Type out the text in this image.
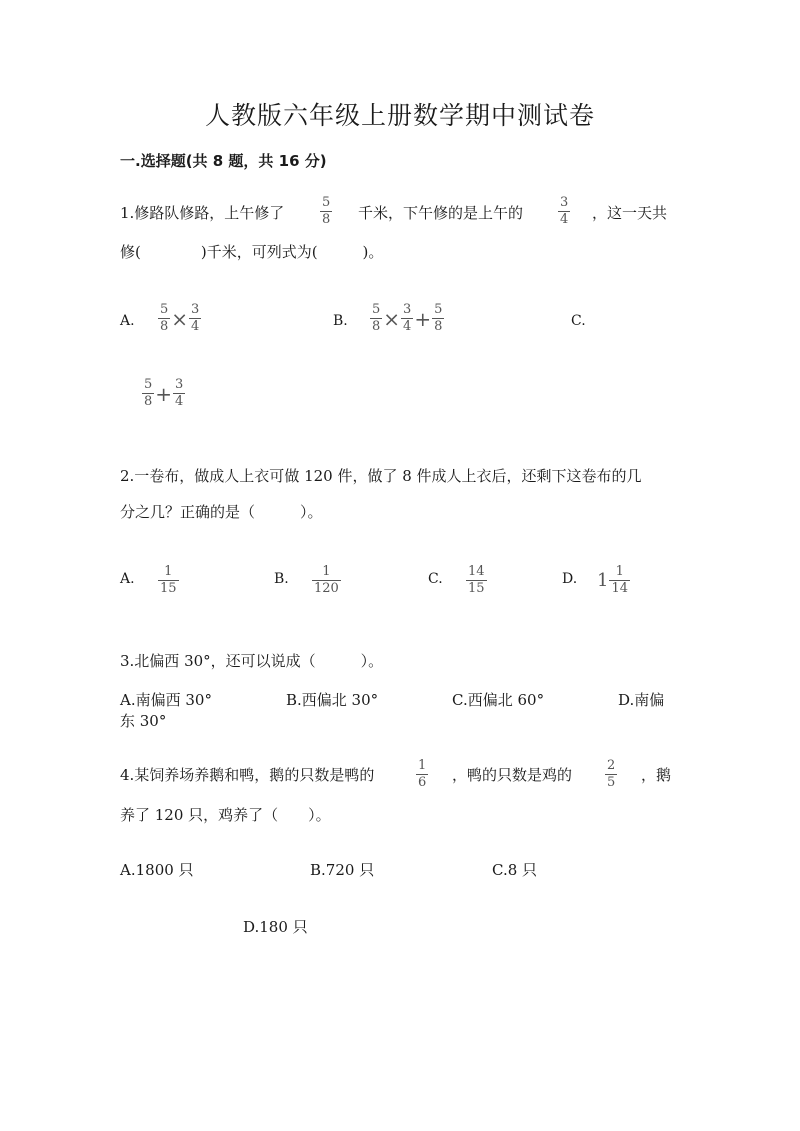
人教版六年级上册数学期中测试卷
一.选择题(共 8 题，共 16 分)
1.修路队修路，上午修了	$\frac{5}{8}$ 千米，下午修的是上午的	$\frac{3}{4}$ ，这一天共
修(　　　　)千米，可列式为(　　　)。
A. $\frac{5}{8} \times \frac{3}{4}$	B. $\frac{5}{8} \times \frac{3}{4} + \frac{5}{8}$	C.
$\frac{5}{8} + \frac{3}{4}$
2.一卷布，做成人上衣可做 120 件，做了 8 件成人上衣后，还剩下这卷布的几
分之几？正确的是（　　　）。
A. $\frac{1}{15}$	B. $\frac{1}{120}$	C. $\frac{14}{15}$	D. $1 \frac{1}{14}$
3.北偏西 30°，还可以说成（　　　）。
A.南偏西 30°	B.西偏北 30°	C.西偏北 60°	D.南偏
东 30°
4.某饲养场养鹅和鸭，鹅的只数是鸭的	$\frac{1}{6}$ ，鸭的只数是鸡的	$\frac{2}{5}$ ，鹅
养了 120 只，鸡养了（　　）。
A.1800 只	B.720 只	C.8 只
D.180 只
